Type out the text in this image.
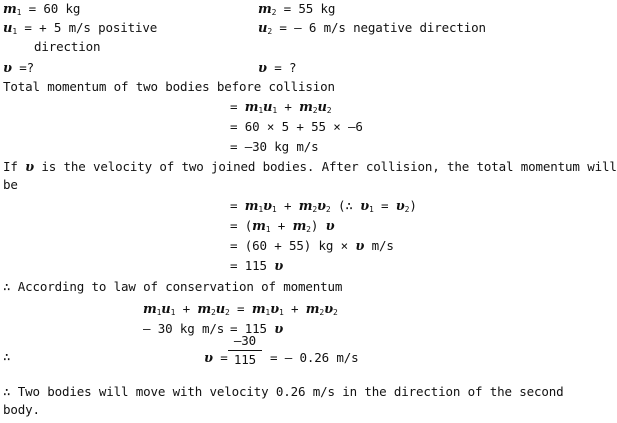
$m_1 = 60$ kg	$m_2 = 55$ kg
$u_1$ = + 5 m/s positive	$u_2$ = – 6 m/s negative direction
direction
υ =?	υ = ?
Total momentum of two bodies before collision
= $m_1u_1 + m_2u_2$
= 60 × 5 + 55 × –6
= –30 kg m/s
If υ is the velocity of two joined bodies. After collision, the total momentum will
be
= $m_1\upsilon_1 + m_2\upsilon_2$ (∴ $\upsilon_1 = \upsilon_2$)
= $(m_1 + m_2)$ υ
= (60 + 55) kg × υ m/s
= 115 υ
∴ According to law of conservation of momentum
$m_1u_1 + m_2u_2 = m_1\upsilon_1 + m_2\upsilon_2$
– 30 kg m/s = 115 υ
∴	υ =
–30
115	= – 0.26 m/s
∴ Two bodies will move with velocity 0.26 m/s in the direction of the second
body.
